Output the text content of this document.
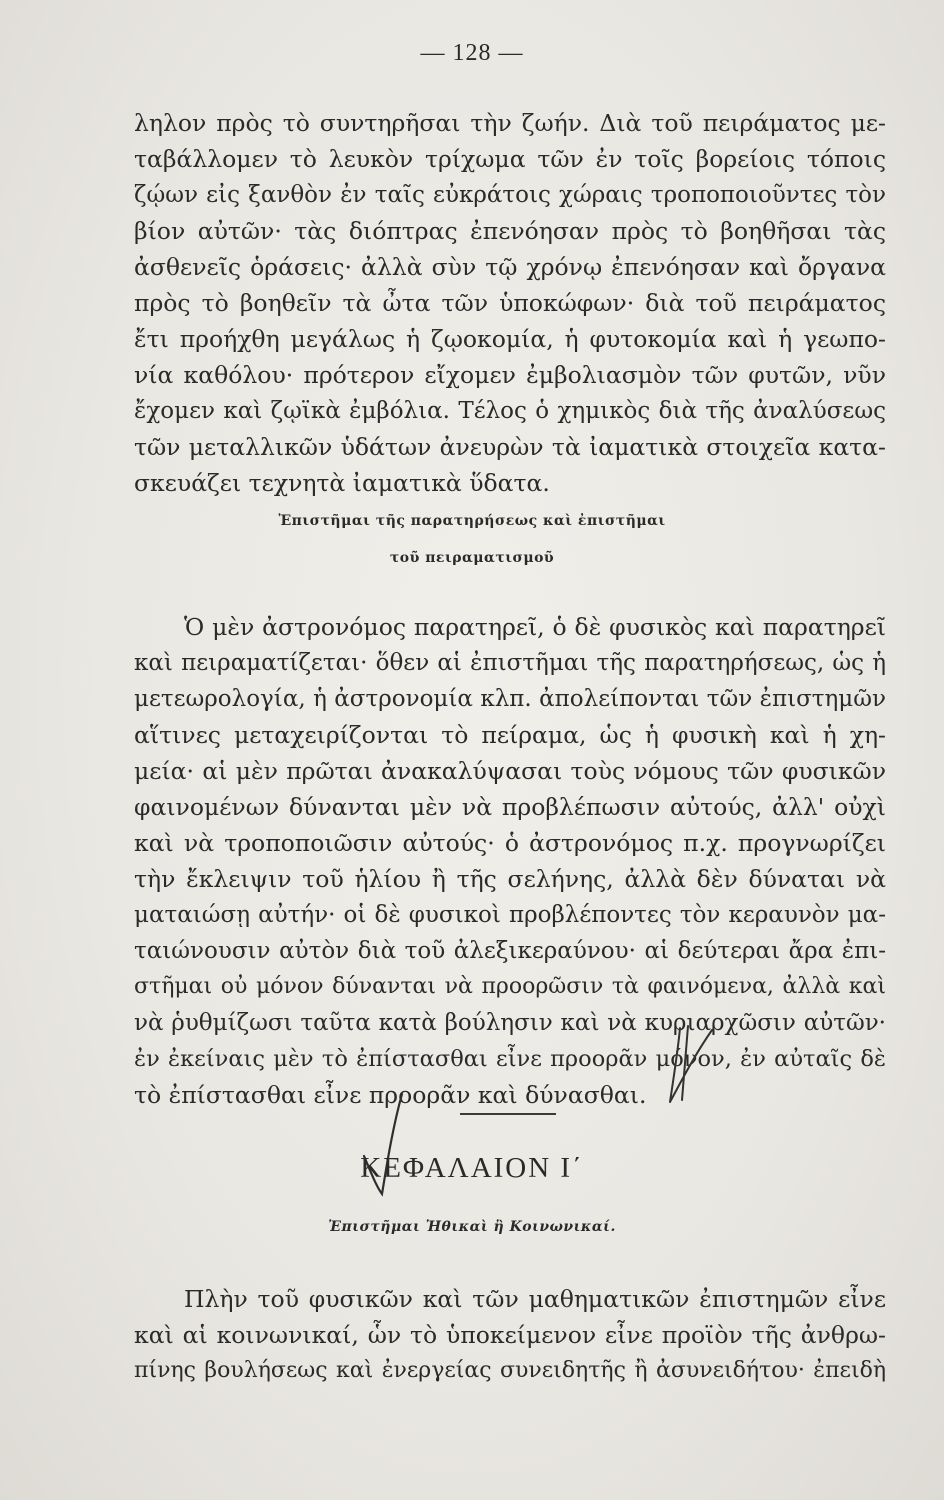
— 128 —
ληλον πρὸς τὸ συντηρῆσαι τὴν ζωήν. Διὰ τοῦ πειράματος με-
ταβάλλομεν τὸ λευκὸν τρίχωμα τῶν ἐν τοῖς βορείοις τόποις
ζῴων εἰς ξανθὸν ἐν ταῖς εὐκράτοις χώραις τροποποιοῦντες τὸν
βίον αὐτῶν· τὰς διόπτρας ἐπενόησαν πρὸς τὸ βοηθῆσαι τὰς
ἀσθενεῖς ὁράσεις· ἀλλὰ σὺν τῷ χρόνῳ ἐπενόησαν καὶ ὄργανα
πρὸς τὸ βοηθεῖν τὰ ὦτα τῶν ὑποκώφων· διὰ τοῦ πειράματος
ἔτι προήχθη μεγάλως ἡ ζῳοκομία, ἡ φυτοκομία καὶ ἡ γεωπο-
νία καθόλου· πρότερον εἴχομεν ἐμβολιασμὸν τῶν φυτῶν, νῦν
ἔχομεν καὶ ζῳϊκὰ ἐμβόλια. Τέλος ὁ χημικὸς διὰ τῆς ἀναλύσεως
τῶν μεταλλικῶν ὑδάτων ἀνευρὼν τὰ ἰαματικὰ στοιχεῖα κατα-
σκευάζει τεχνητὰ ἰαματικὰ ὕδατα.
Ἐπιστῆμαι τῆς παρατηρήσεως καὶ ἐπιστῆμαι
τοῦ πειραματισμοῦ
Ὁ μὲν ἀστρονόμος παρατηρεῖ, ὁ δὲ φυσικὸς καὶ παρατηρεῖ
καὶ πειραματίζεται· ὅθεν αἱ ἐπιστῆμαι τῆς παρατηρήσεως, ὡς ἡ
μετεωρολογία, ἡ ἀστρονομία κλπ. ἀπολείπονται τῶν ἐπιστημῶν
αἵτινες μεταχειρίζονται τὸ πείραμα, ὡς ἡ φυσικὴ καὶ ἡ χη-
μεία· αἱ μὲν πρῶται ἀνακαλύψασαι τοὺς νόμους τῶν φυσικῶν
φαινομένων δύνανται μὲν νὰ προβλέπωσιν αὐτούς, ἀλλ' οὐχὶ
καὶ νὰ τροποποιῶσιν αὐτούς· ὁ ἀστρονόμος π.χ. προγνωρίζει
τὴν ἔκλειψιν τοῦ ἡλίου ἢ τῆς σελήνης, ἀλλὰ δὲν δύναται νὰ
ματαιώσῃ αὐτήν· οἱ δὲ φυσικοὶ προβλέποντες τὸν κεραυνὸν μα-
ταιώνουσιν αὐτὸν διὰ τοῦ ἀλεξικεραύνου· αἱ δεύτεραι ἄρα ἐπι-
στῆμαι οὐ μόνον δύνανται νὰ προορῶσιν τὰ φαινόμενα, ἀλλὰ καὶ
νὰ ῥυθμίζωσι ταῦτα κατὰ βούλησιν καὶ νὰ κυριαρχῶσιν αὐτῶν·
ἐν ἐκείναις μὲν τὸ ἐπίστασθαι εἶνε προορᾶν μόνον, ἐν αὐταῖς δὲ
τὸ ἐπίστασθαι εἶνε προορᾶν καὶ δύνασθαι.
ΚΕΦΑΛΑΙΟΝ Ι΄
Ἐπιστῆμαι Ἠθικαὶ ἢ Κοινωνικαί.
Πλὴν τοῦ φυσικῶν καὶ τῶν μαθηματικῶν ἐπιστημῶν εἶνε
καὶ αἱ κοινωνικαί, ὧν τὸ ὑποκείμενον εἶνε προϊὸν τῆς ἀνθρω-
πίνης βουλήσεως καὶ ἐνεργείας συνειδητῆς ἢ ἀσυνειδήτου· ἐπειδὴ
